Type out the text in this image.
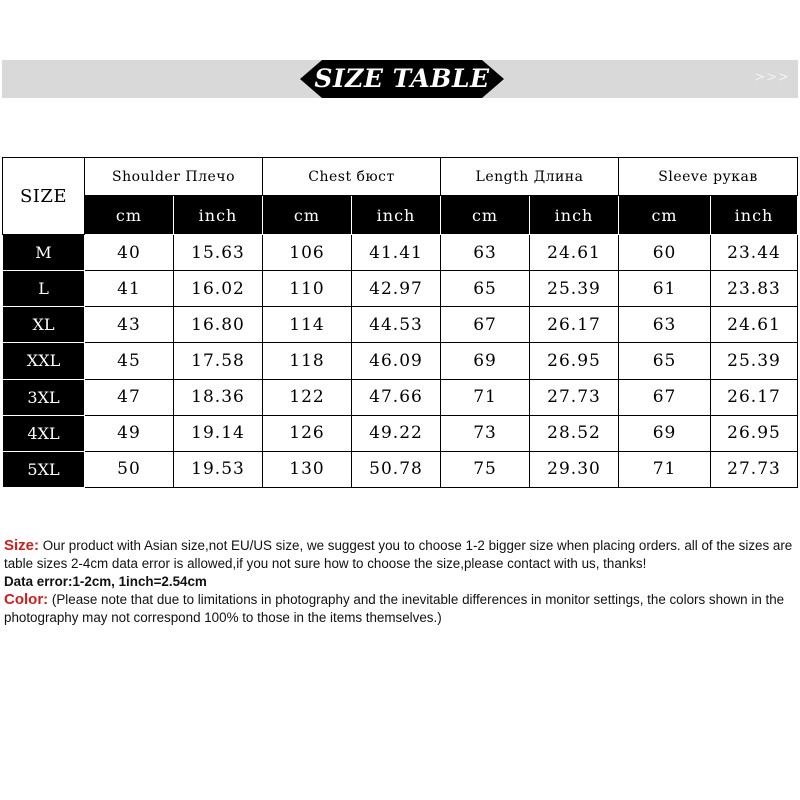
>>>
SIZE TABLE
SIZE	Shoulder Плечо		Chest бюст		Length Длина		Sleeve рукав	
	cm	inch	cm	inch	cm	inch	cm	inch
M	40	15.63	106	41.41	63	24.61	60	23.44
L	41	16.02	110	42.97	65	25.39	61	23.83
XL	43	16.80	114	44.53	67	26.17	63	24.61
XXL	45	17.58	118	46.09	69	26.95	65	25.39
3XL	47	18.36	122	47.66	71	27.73	67	26.17
4XL	49	19.14	126	49.22	73	28.52	69	26.95
5XL	50	19.53	130	50.78	75	29.30	71	27.73

Size: Our product with Asian size,not EU/US size, we suggest you to choose 1-2 bigger size when placing orders. all of the sizes are table sizes 2-4cm data error is allowed,if you not sure how to choose the size,please contact with us, thanks!

Data error:1-2cm, 1inch=2.54cm

Color: (Please note that due to limitations in photography and the inevitable differences in monitor settings, the colors shown in the photography may not correspond 100% to those in the items themselves.)
